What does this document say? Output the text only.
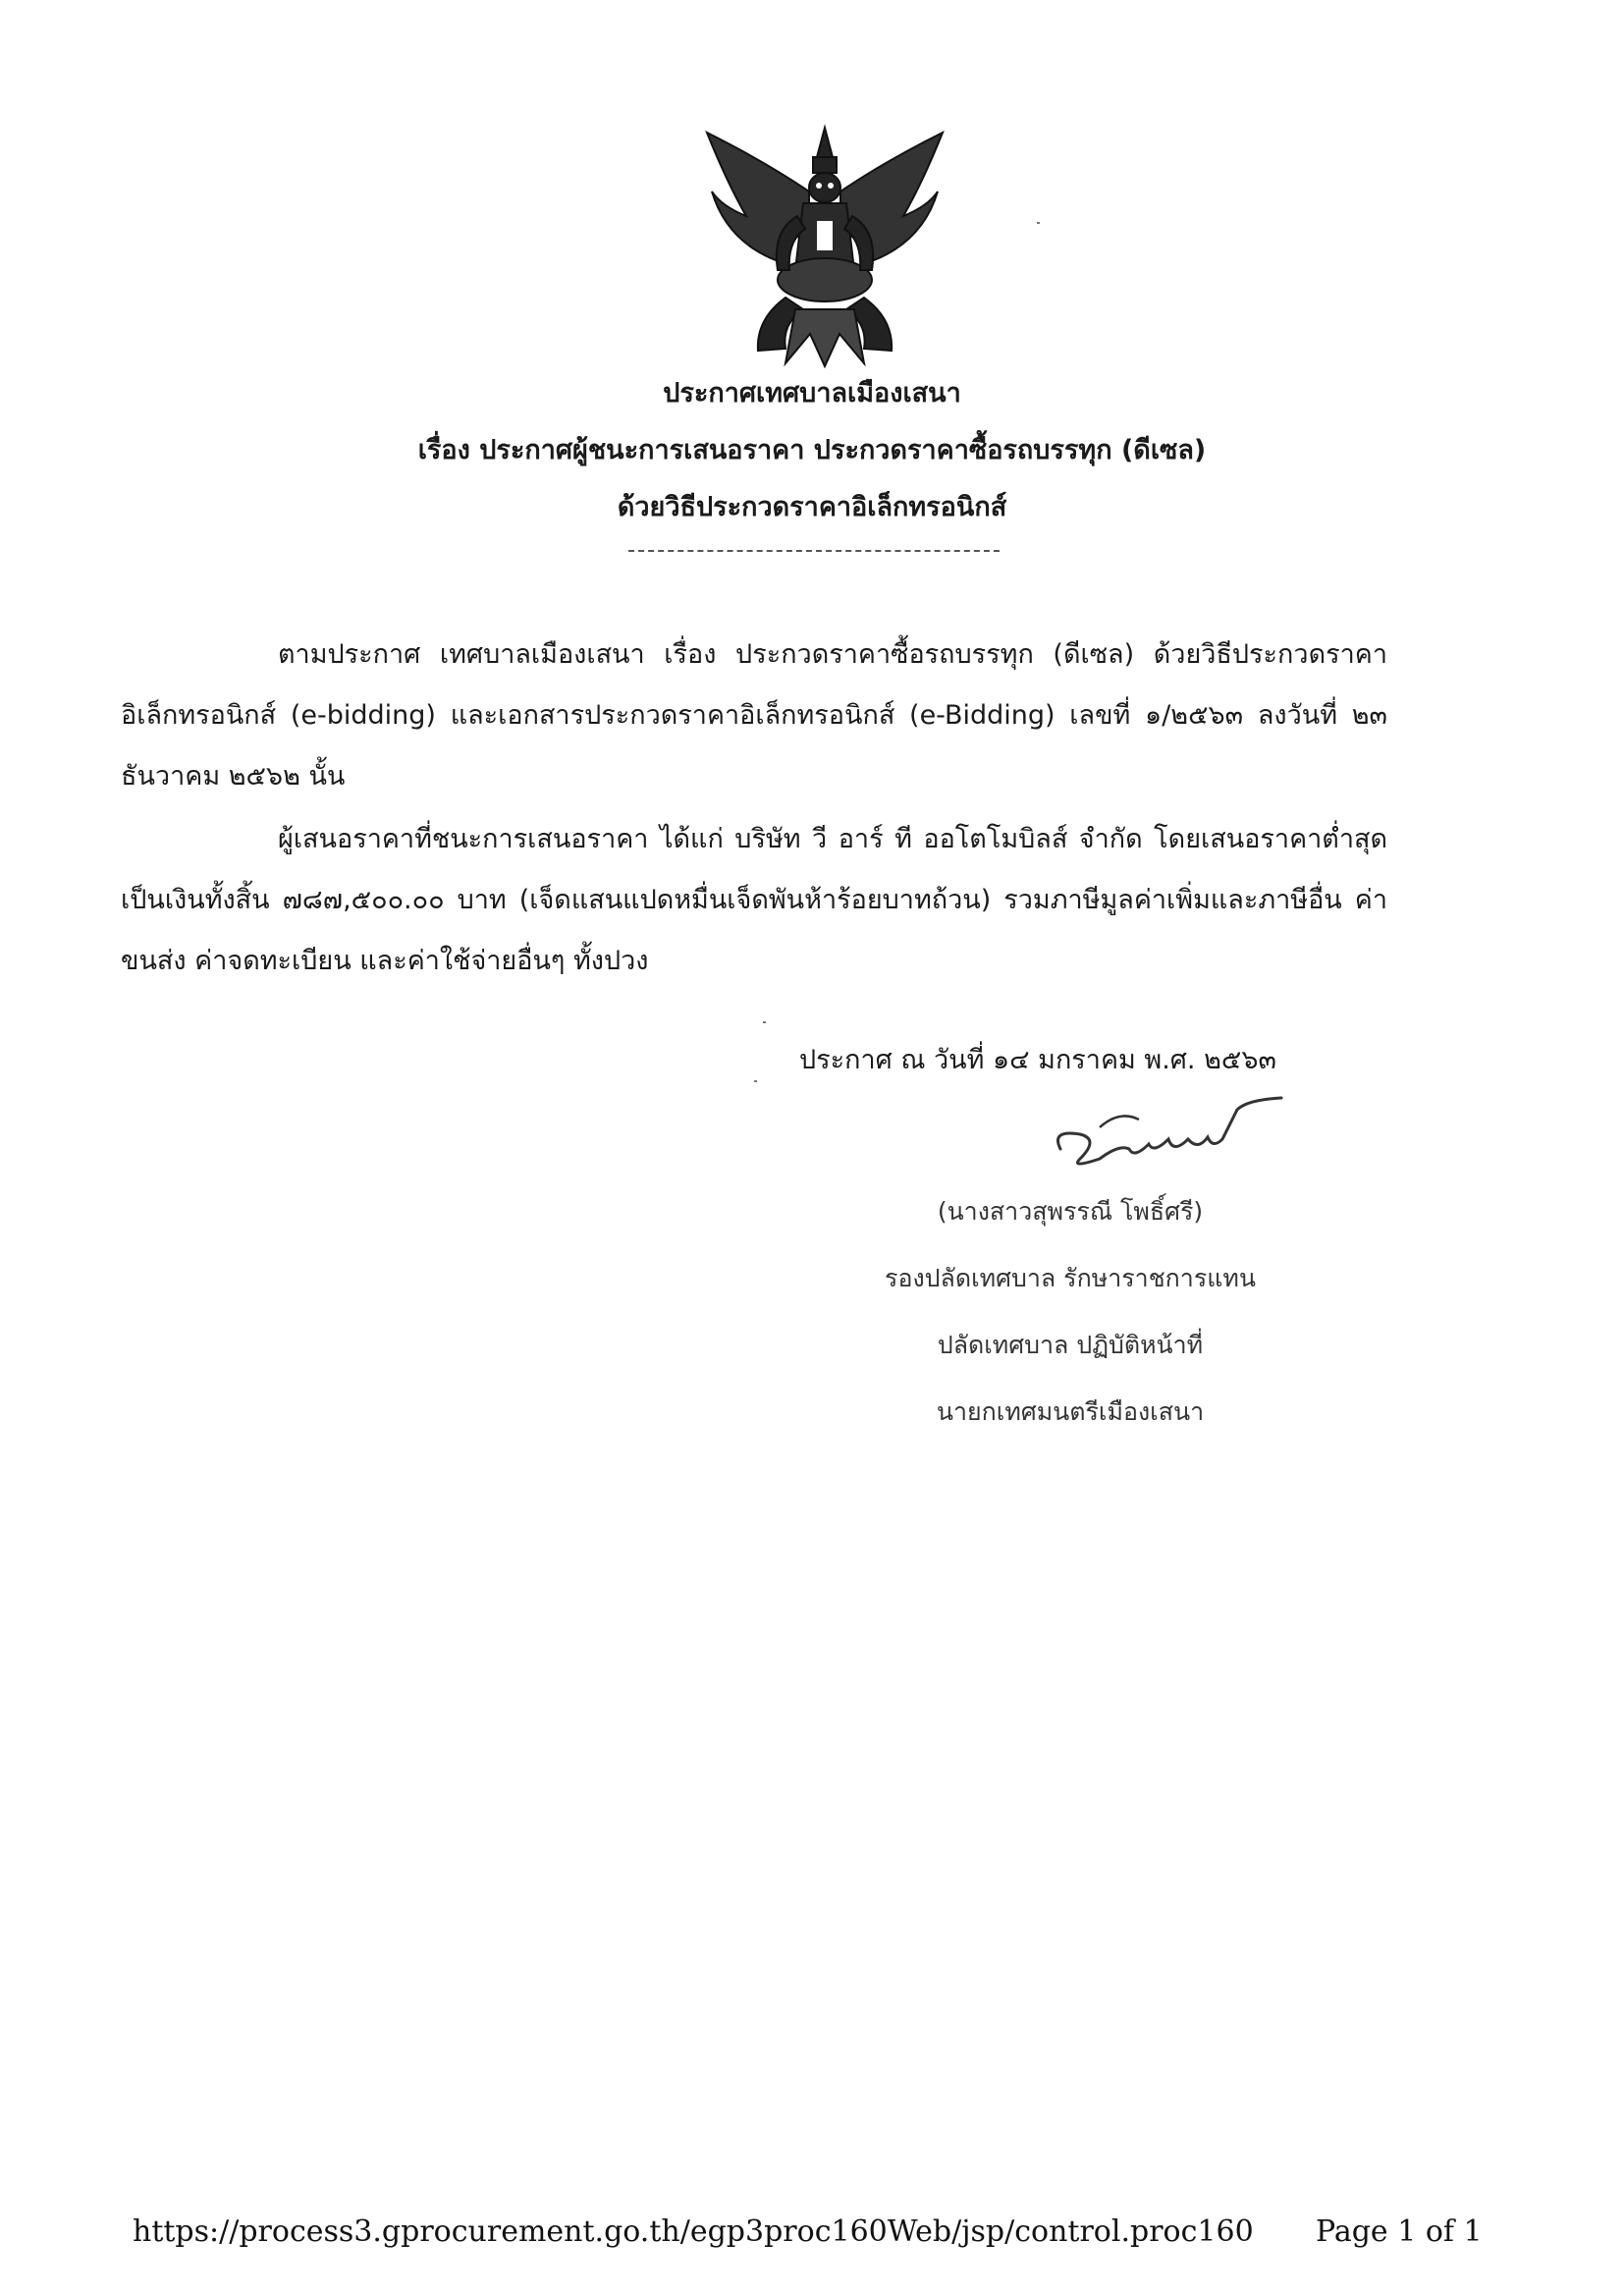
ประกาศเทศบาลเมืองเสนา
เรื่อง ประกาศผู้ชนะการเสนอราคา ประกวดราคาซื้อรถบรรทุก (ดีเซล)
ด้วยวิธีประกวดราคาอิเล็กทรอนิกส์
ตามประกาศ เทศบาลเมืองเสนา เรื่อง ประกวดราคาซื้อรถบรรทุก (ดีเซล) ด้วยวิธีประกวดราคาอิเล็กทรอนิกส์ (e-bidding) และเอกสารประกวดราคาอิเล็กทรอนิกส์ (e-Bidding) เลขที่ ๑/๒๕๖๓ ลงวันที่ ๒๓ ธันวาคม ๒๕๖๒ นั้น
ผู้เสนอราคาที่ชนะการเสนอราคา ได้แก่ บริษัท วี อาร์ ที ออโตโมบิลส์ จำกัด โดยเสนอราคาต่ำสุด เป็นเงินทั้งสิ้น ๗๘๗,๕๐๐.๐๐ บาท (เจ็ดแสนแปดหมื่นเจ็ดพันห้าร้อยบาทถ้วน) รวมภาษีมูลค่าเพิ่มและภาษีอื่น ค่าขนส่ง ค่าจดทะเบียน และค่าใช้จ่ายอื่นๆ ทั้งปวง
ประกาศ ณ วันที่ ๑๔ มกราคม พ.ศ. ๒๕๖๓
(นางสาวสุพรรณี โพธิ์ศรี)
รองปลัดเทศบาล รักษาราชการแทน
ปลัดเทศบาล ปฏิบัติหน้าที่
นายกเทศมนตรีเมืองเสนา
https://process3.gprocurement.go.th/egp3proc160Web/jsp/control.proc160 Page 1 of 1
